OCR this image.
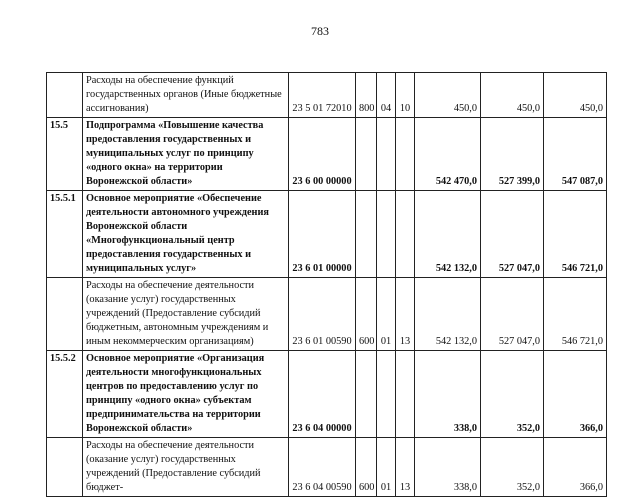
783
	Расходы на обеспечение функций государственных органов (Иные бюджетные ассигнования)	23 5 01 72010	800	04	10	450,0	450,0	450,0
15.5	Подпрограмма «Повышение качества предоставления государственных и муниципальных услуг по принципу «одного окна» на территории Воронежской области»	23 6 00 00000				542 470,0	527 399,0	547 087,0
15.5.1	Основное мероприятие «Обеспечение деятельности автономного учреждения Воронежской области «Многофункциональный центр предоставления государственных и муниципальных услуг»	23 6 01 00000				542 132,0	527 047,0	546 721,0
	Расходы на обеспечение деятельности (оказание услуг) государственных учреждений (Предоставление субсидий бюджетным, автономным учреждениям и иным некоммерческим организациям)	23 6 01 00590	600	01	13	542 132,0	527 047,0	546 721,0
15.5.2	Основное мероприятие «Организация деятельности многофункциональных центров по предоставлению услуг по принципу «одного окна» субъектам предпринимательства на территории Воронежской области»	23 6 04 00000				338,0	352,0	366,0
	Расходы на обеспечение деятельности (оказание услуг) государственных учреждений (Предоставление субсидий бюджет-	23 6 04 00590	600	01	13	338,0	352,0	366,0
